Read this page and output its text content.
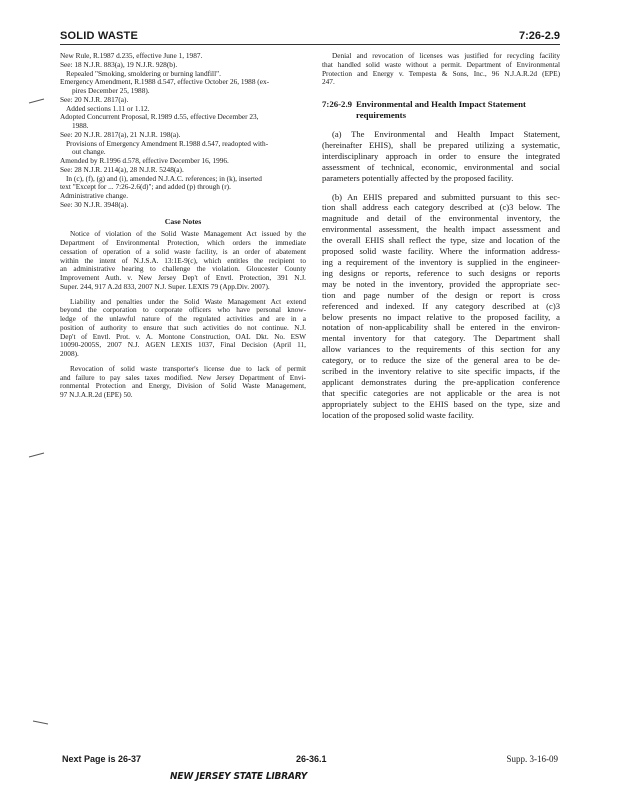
SOLID WASTE	7:26-2.9
New Rule, R.1987 d.235, effective June 1, 1987.
See: 18 N.J.R. 883(a), 19 N.J.R. 928(b).
Repealed "Smoking, smoldering or burning landfill".
Emergency Amendment, R.1988 d.547, effective October 26, 1988 (ex-
pires December 25, 1988).
See: 20 N.J.R. 2817(a).
Added sections 1.11 or 1.12.
Adopted Concurrent Proposal, R.1989 d.55, effective December 23,
1988.
See: 20 N.J.R. 2817(a), 21 N.J.R. 198(a).
Provisions of Emergency Amendment R.1988 d.547, readopted with-
out change.
Amended by R.1996 d.578, effective December 16, 1996.
See: 28 N.J.R. 2114(a), 28 N.J.R. 5248(a).
In (c), (f), (g) and (i), amended N.J.A.C. references; in (k), inserted
text "Except for ... 7:26-2.6(d)"; and added (p) through (r).
Administrative change.
See: 30 N.J.R. 3948(a).
Case Notes
Notice of violation of the Solid Waste Management Act issued by the
Department of Environmental Protection, which orders the immediate
cessation of operation of a solid waste facility, is an order of abatement
within the intent of N.J.S.A. 13:1E-9(c), which entitles the recipient to
an administrative hearing to challenge the violation. Gloucester County
Improvement Auth. v. New Jersey Dep't of Envtl. Protection, 391 N.J.
Super. 244, 917 A.2d 833, 2007 N.J. Super. LEXIS 79 (App.Div. 2007).
Liability and penalties under the Solid Waste Management Act extend
beyond the corporation to corporate officers who have personal know-
ledge of the unlawful nature of the regulated activities and are in a
position of authority to ensure that such activities do not continue. N.J.
Dep't of Envtl. Prot. v. A. Montone Construction, OAL Dkt. No. ESW
10090-2005S, 2007 N.J. AGEN LEXIS 1037, Final Decision (April 11,
2008).
Revocation of solid waste transporter's license due to lack of permit
and failure to pay sales taxes modified. New Jersey Department of Envi-
ronmental Protection and Energy, Division of Solid Waste Management,
97 N.J.A.R.2d (EPE) 50.
Denial and revocation of licenses was justified for recycling facility
that handled solid waste without a permit. Department of Environmental
Protection and Energy v. Tempesta & Sons, Inc., 96 N.J.A.R.2d (EPE)
247.
7:26-2.9 Environmental and Health Impact Statement
requirements
(a) The Environmental and Health Impact Statement,
(hereinafter EHIS), shall be prepared utilizing a systematic,
interdisciplinary approach in order to ensure the integrated
assessment of technical, economic, environmental and social
parameters potentially affected by the proposed facility.
(b) An EHIS prepared and submitted pursuant to this sec-
tion shall address each category described at (c)3 below. The
magnitude and detail of the environmental inventory, the
environmental assessment, the health impact assessment and
the overall EHIS shall reflect the type, size and location of the
proposed solid waste facility. Where the information address-
ing a requirement of the inventory is supplied in the engineer-
ing designs or reports, reference to such designs or reports
may be noted in the inventory, provided the appropriate sec-
tion and page number of the design or report is cross
referenced and indexed. If any category described at (c)3
below presents no impact relative to the proposed facility, a
notation of non-applicability shall be entered in the environ-
mental inventory for that category. The Department shall
allow variances to the requirements of this section for any
category, or to reduce the size of the general area to be de-
scribed in the inventory relative to site specific impacts, if the
applicant demonstrates during the pre-application conference
that specific categories are not applicable or the area is not
appropriately subject to the EHIS based on the type, size and
location of the proposed solid waste facility.
Next Page is 26-37	26-36.1	Supp. 3-16-09
NEW JERSEY STATE LIBRARY
